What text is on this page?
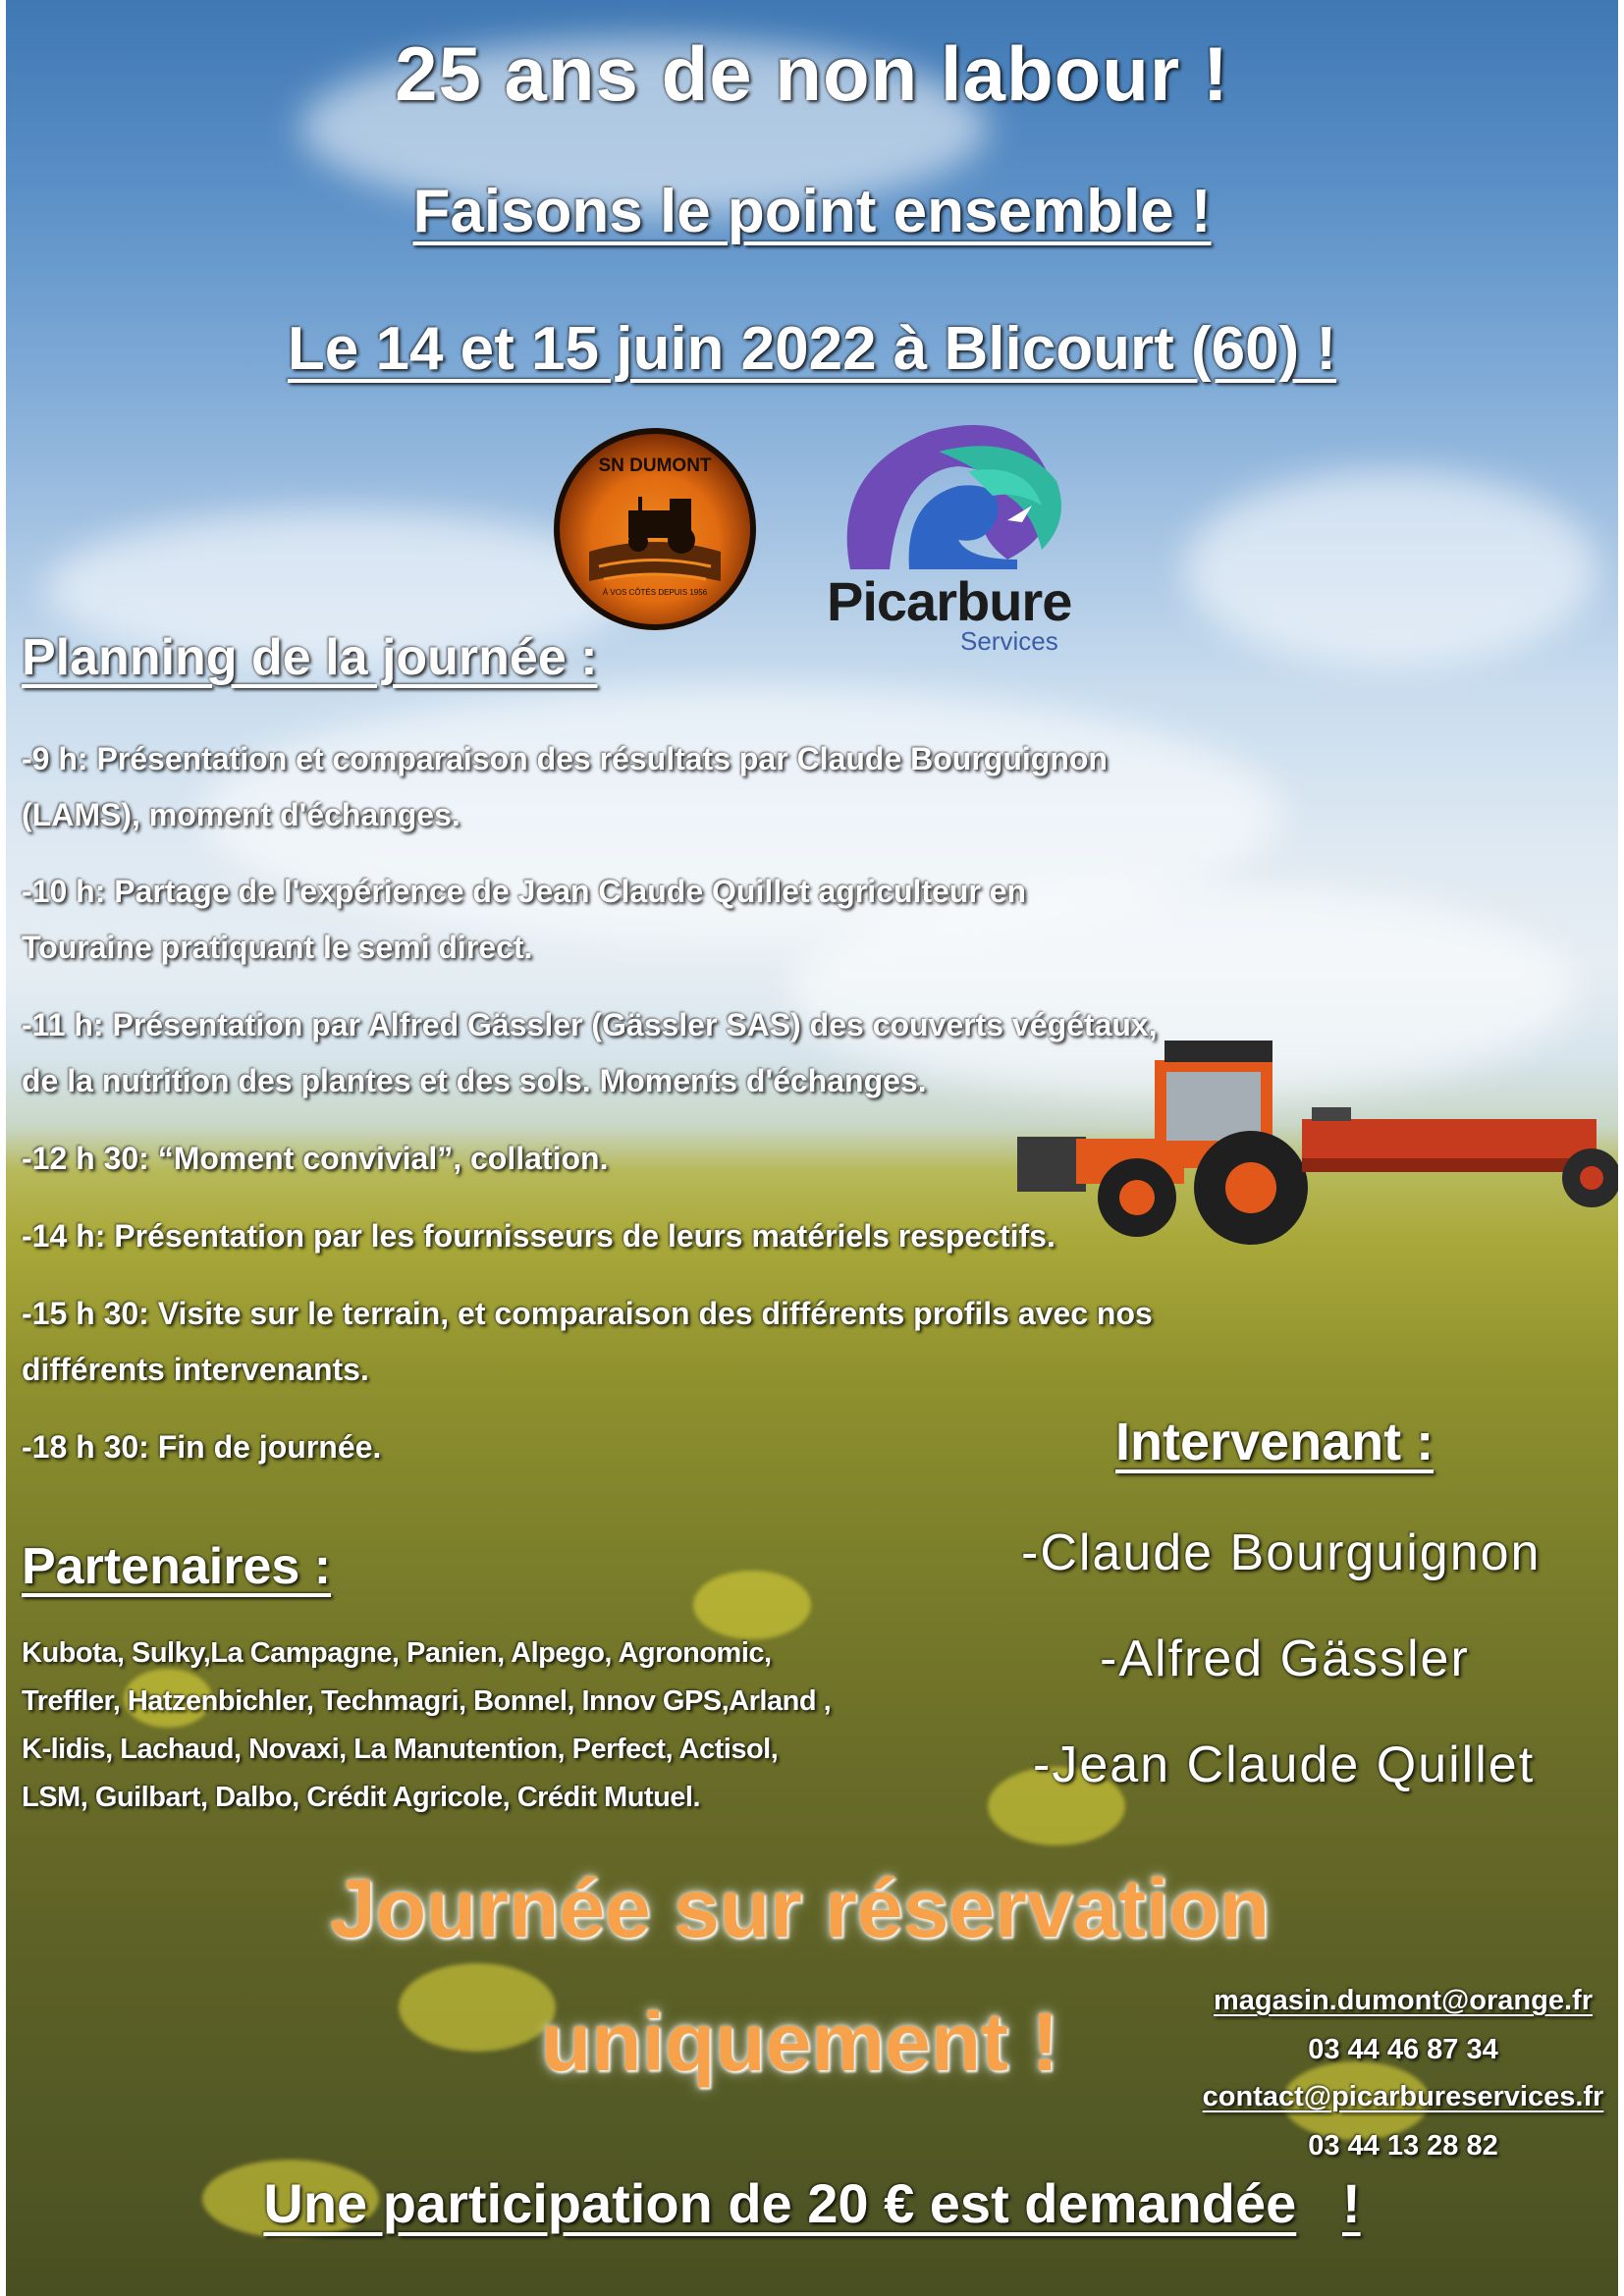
25 ans de non labour !
Faisons le point ensemble !
Le 14 et 15 juin 2022 à Blicourt (60) !
SN DUMONT
À VOS CÔTÉS DEPUIS 1956	Picarbure
Services
Planning de la journée :
-9 h: Présentation et comparaison des résultats par Claude Bourguignon
(LAMS), moment d'échanges.
-10 h: Partage de l'expérience de Jean Claude Quillet agriculteur en
Touraine pratiquant le semi direct.
-11 h: Présentation par Alfred Gässler (Gässler SAS) des couverts végétaux,
de la nutrition des plantes et des sols. Moments d'échanges.
-12 h 30: “Moment convivial”, collation.
-14 h: Présentation par les fournisseurs de leurs matériels respectifs.
-15 h 30: Visite sur le terrain, et comparaison des différents profils avec nos
différents intervenants.
-18 h 30: Fin de journée.
Partenaires :
Kubota, Sulky,La Campagne, Panien, Alpego, Agronomic,
Treffler, Hatzenbichler, Techmagri, Bonnel, Innov GPS,Arland ,
K-lidis, Lachaud, Novaxi, La Manutention, Perfect, Actisol,
LSM, Guilbart, Dalbo, Crédit Agricole, Crédit Mutuel.
Intervenant :
-Claude Bourguignon
-Alfred Gässler
-Jean Claude Quillet
Journée sur réservation
uniquement !	magasin.dumont@orange.fr
03 44 46 87 34
contact@picarbureservices.fr
03 44 13 28 82
Une participation de 20 € est demandée !
